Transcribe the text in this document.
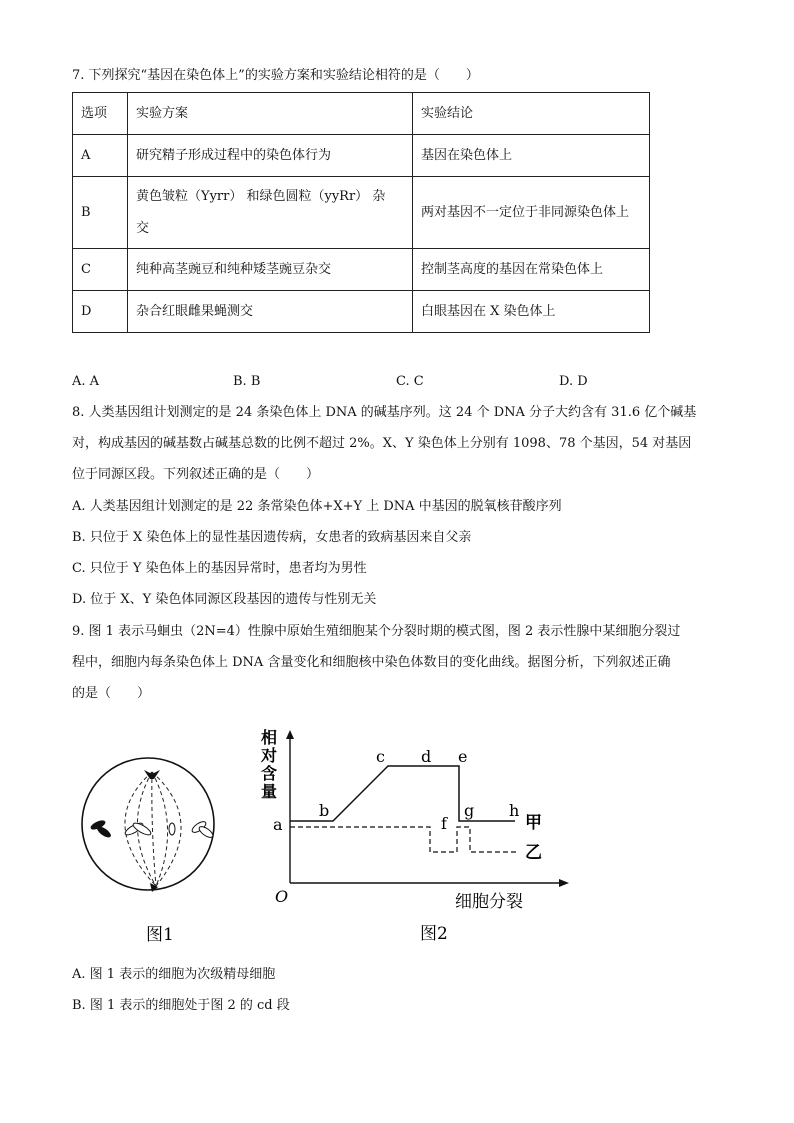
7. 下列探究“基因在染色体上”的实验方案和实验结论相符的是（　　）
选项	实验方案	实验结论
A	研究精子形成过程中的染色体行为	基因在染色体上
B	黄色皱粒（Yyrr） 和绿色圆粒（yyRr） 杂
交	两对基因不一定位于非同源染色体上
C	纯种高茎豌豆和纯种矮茎豌豆杂交	控制茎高度的基因在常染色体上
D	杂合红眼雌果蝇测交	白眼基因在 X 染色体上
A. A	B. B	C. C	D. D
8. 人类基因组计划测定的是 24 条染色体上 DNA 的碱基序列。这 24 个 DNA 分子大约含有 31.6 亿个碱基
对，构成基因的碱基数占碱基总数的比例不超过 2%。X、Y 染色体上分别有 1098、78 个基因，54 对基因
位于同源区段。下列叙述正确的是（　　）
A. 人类基因组计划测定的是 22 条常染色体+X+Y 上 DNA 中基因的脱氧核苷酸序列
B. 只位于 X 染色体上的显性基因遗传病，女患者的致病基因来自父亲
C. 只位于 Y 染色体上的基因异常时，患者均为男性
D. 位于 X、Y 染色体同源区段基因的遗传与性别无关
9. 图 1 表示马蛔虫（2N=4）性腺中原始生殖细胞某个分裂时期的模式图，图 2 表示性腺中某细胞分裂过
程中，细胞内每条染色体上 DNA 含量变化和细胞核中染色体数目的变化曲线。据图分析，下列叙述正确
的是（　　）
图1
相
对
含
量
O	细胞分裂
a
b
c d e
f
g h
甲
乙
图2
A. 图 1 表示的细胞为次级精母细胞
B. 图 1 表示的细胞处于图 2 的 cd 段
